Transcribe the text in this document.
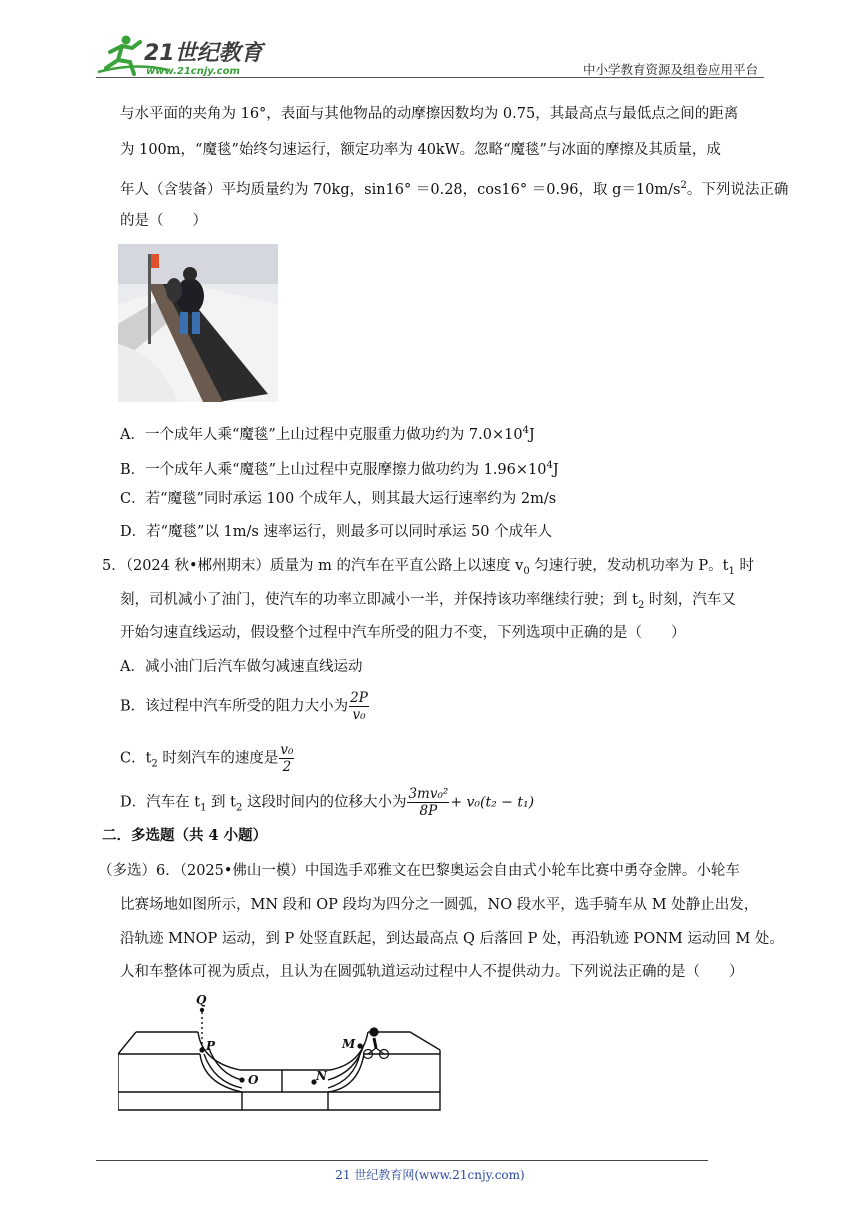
21世纪教育
www.21cnjy.com	中小学教育资源及组卷应用平台
与水平面的夹角为 16°，表面与其他物品的动摩擦因数均为 0.75，其最高点与最低点之间的距离
为 100m，“魔毯”始终匀速运行，额定功率为 40kW。忽略“魔毯”与冰面的摩擦及其质量，成
年人（含装备）平均质量约为 70kg，sin16° ＝0.28，cos16° ＝0.96，取 $g=10m/s^2$。下列说法正确
的是（　　）
A．一个成年人乘“魔毯”上山过程中克服重力做功约为 $7.0\times 10^4J$
B．一个成年人乘“魔毯”上山过程中克服摩擦力做功约为 $1.96\times 10^4J$
C．若“魔毯”同时承运 100 个成年人，则其最大运行速率约为 2m/s
D．若“魔毯”以 1m/s 速率运行，则最多可以同时承运 50 个成年人
5．（2024 秋•郴州期末）质量为 m 的汽车在平直公路上以速度 $v_0$ 匀速行驶，发动机功率为 P。$t_1$ 时
刻，司机减小了油门，使汽车的功率立即减小一半，并保持该功率继续行驶；到 $t_2$ 时刻，汽车又
开始匀速直线运动，假设整个过程中汽车所受的阻力不变，下列选项中正确的是（　　）
A．减小油门后汽车做匀减速直线运动
B．该过程中汽车所受的阻力大小为 $\frac{2P}{\text{v₀}}$
C．$t_2$ 时刻汽车的速度是 $\frac{\text{v₀}}{2}$
D．汽车在 $t_1$ 到 $t_2$ 这段时间内的位移大小为 $\frac{\text{3mv₀²}}{8P} + v_0(t_2 - t_1)$
二．多选题（共 4 小题）
（多选）6．（2025•佛山一模）中国选手邓雅文在巴黎奥运会自由式小轮车比赛中勇夺金牌。小轮车
比赛场地如图所示，MN 段和 OP 段均为四分之一圆弧，NO 段水平，选手骑车从 M 处静止出发，
沿轨迹 MNOP 运动，到 P 处竖直跃起，到达最高点 Q 后落回 P 处，再沿轨迹 PONM 运动回 M 处。
人和车整体可视为质点，且认为在圆弧轨道运动过程中人不提供动力。下列说法正确的是（　　）
Q
P
O	N
M
21 世纪教育网(www.21cnjy.com)
